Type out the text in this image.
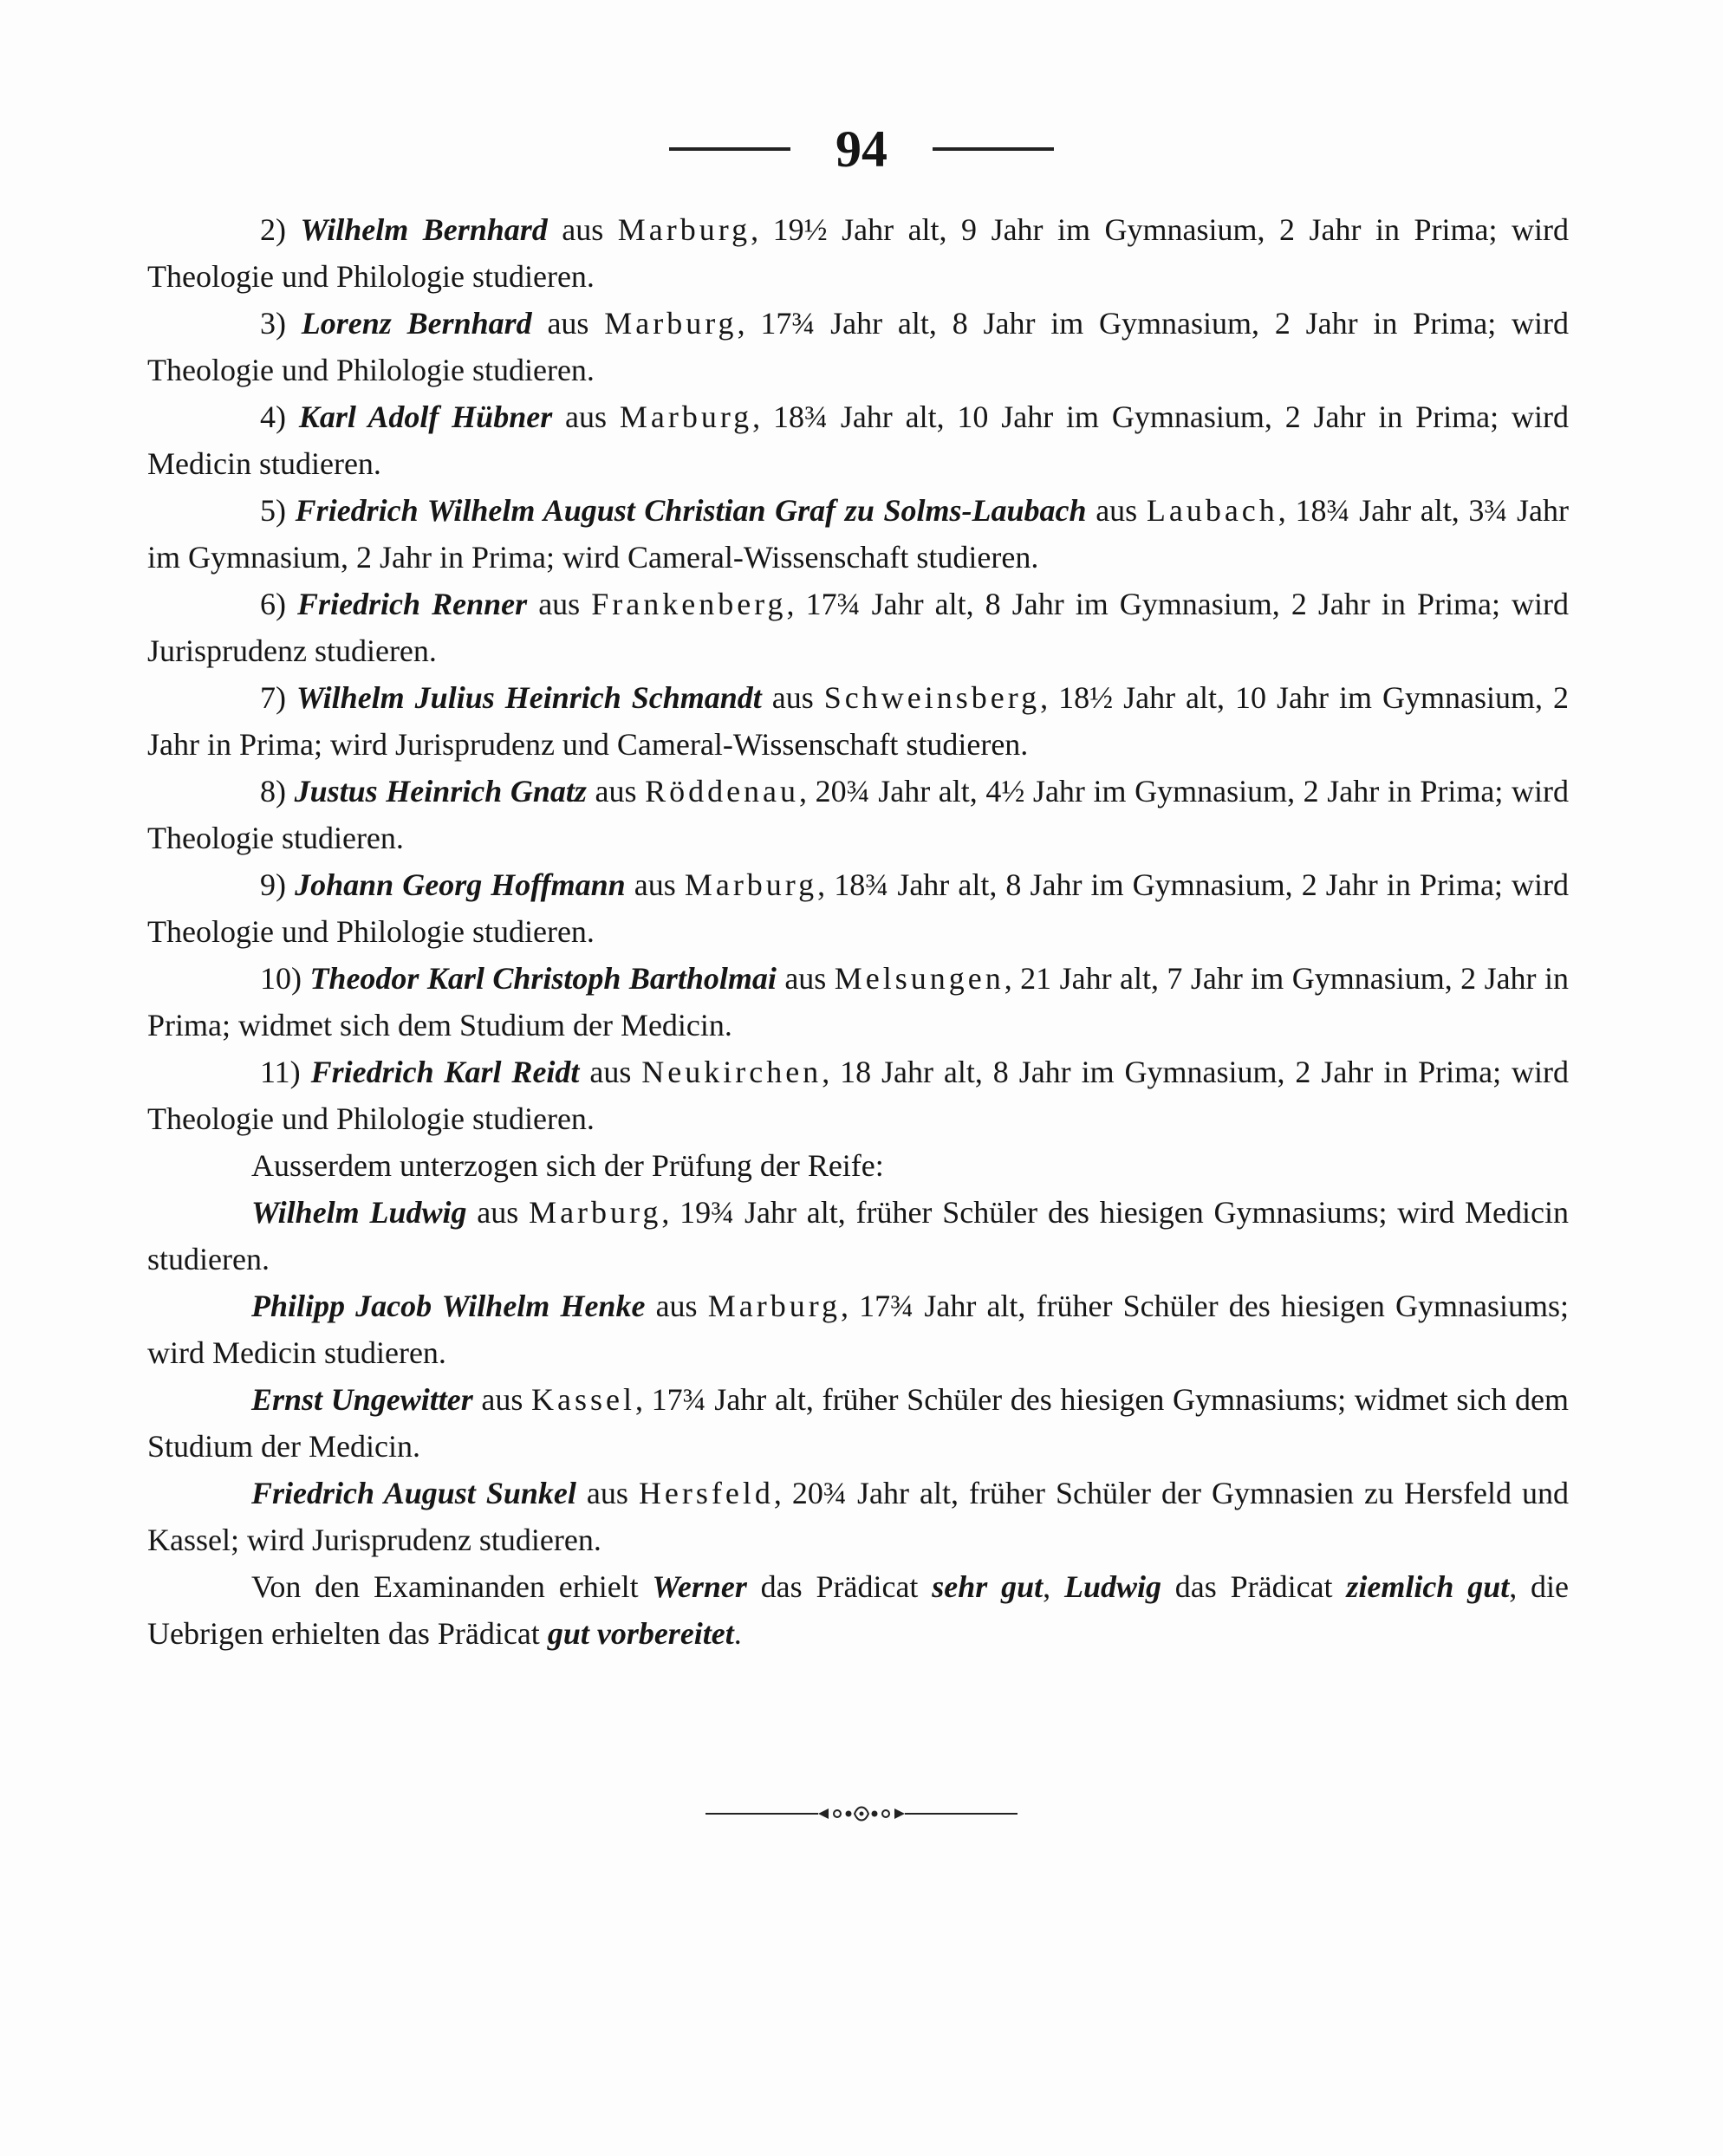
94

2) Wilhelm Bernhard aus Marburg, 19½ Jahr alt, 9 Jahr im Gymnasium, 2 Jahr in Prima; wird Theologie und Philologie studieren.

3) Lorenz Bernhard aus Marburg, 17¾ Jahr alt, 8 Jahr im Gymnasium, 2 Jahr in Prima; wird Theologie und Philologie studieren.

4) Karl Adolf Hübner aus Marburg, 18¾ Jahr alt, 10 Jahr im Gymnasium, 2 Jahr in Prima; wird Medicin studieren.

5) Friedrich Wilhelm August Christian Graf zu Solms-Laubach aus Laubach, 18¾ Jahr alt, 3¾ Jahr im Gymnasium, 2 Jahr in Prima; wird Cameral-Wissenschaft studieren.

6) Friedrich Renner aus Frankenberg, 17¾ Jahr alt, 8 Jahr im Gymnasium, 2 Jahr in Prima; wird Jurisprudenz studieren.

7) Wilhelm Julius Heinrich Schmandt aus Schweinsberg, 18½ Jahr alt, 10 Jahr im Gymnasium, 2 Jahr in Prima; wird Jurisprudenz und Cameral-Wissenschaft studieren.

8) Justus Heinrich Gnatz aus Röddenau, 20¾ Jahr alt, 4½ Jahr im Gymnasium, 2 Jahr in Prima; wird Theologie studieren.

9) Johann Georg Hoffmann aus Marburg, 18¾ Jahr alt, 8 Jahr im Gymnasium, 2 Jahr in Prima; wird Theologie und Philologie studieren.

10) Theodor Karl Christoph Bartholmai aus Melsungen, 21 Jahr alt, 7 Jahr im Gymnasium, 2 Jahr in Prima; widmet sich dem Studium der Medicin.

11) Friedrich Karl Reidt aus Neukirchen, 18 Jahr alt, 8 Jahr im Gymnasium, 2 Jahr in Prima; wird Theologie und Philologie studieren.

Ausserdem unterzogen sich der Prüfung der Reife:

Wilhelm Ludwig aus Marburg, 19¾ Jahr alt, früher Schüler des hiesigen Gymnasiums; wird Medicin studieren.

Philipp Jacob Wilhelm Henke aus Marburg, 17¾ Jahr alt, früher Schüler des hiesigen Gymnasiums; wird Medicin studieren.

Ernst Ungewitter aus Kassel, 17¾ Jahr alt, früher Schüler des hiesigen Gymnasiums; widmet sich dem Studium der Medicin.

Friedrich August Sunkel aus Hersfeld, 20¾ Jahr alt, früher Schüler der Gymnasien zu Hersfeld und Kassel; wird Jurisprudenz studieren.

Von den Examinanden erhielt Werner das Prädicat sehr gut, Ludwig das Prädicat ziemlich gut, die Uebrigen erhielten das Prädicat gut vorbereitet.
